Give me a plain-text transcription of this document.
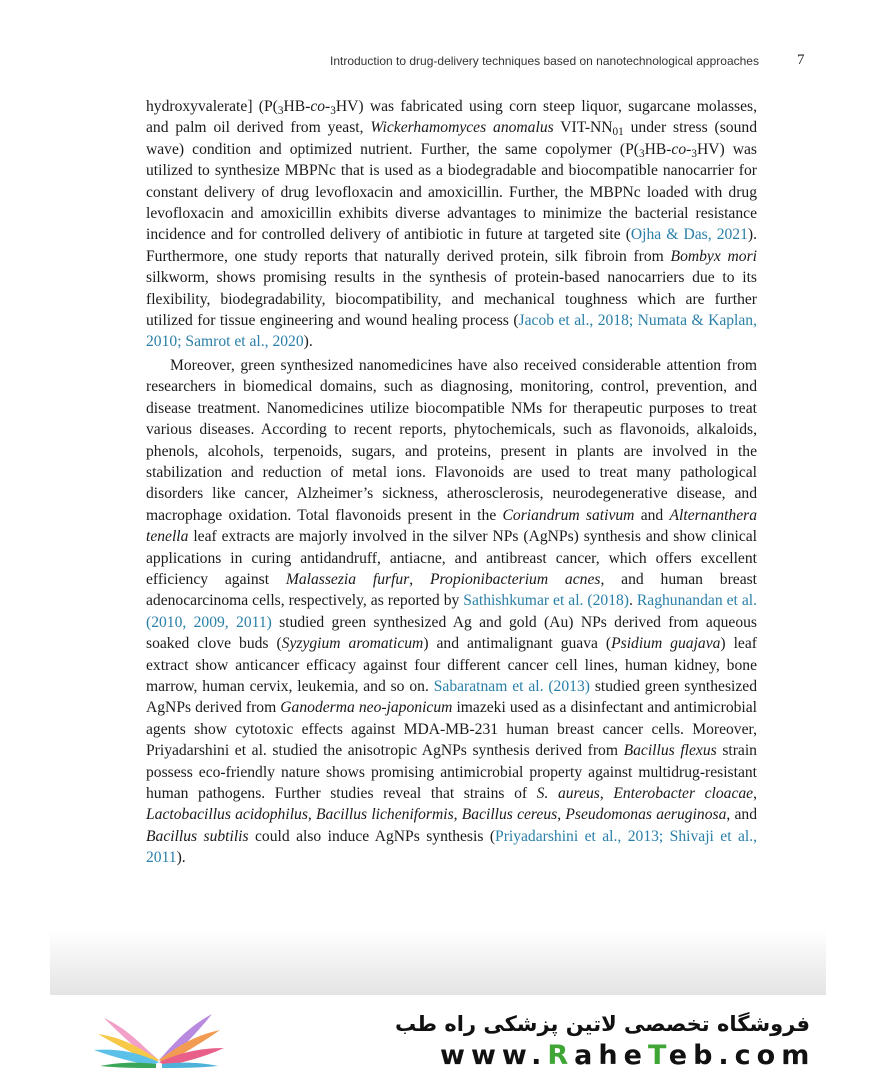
Introduction to drug-delivery techniques based on nanotechnological approaches	7

hydroxyvalerate] ($P(_3HB-co-_3HV)$ was fabricated using corn steep liquor, sugarcane molasses, and palm oil derived from yeast, Wickerhamomyces anomalus VIT-$NN_{01}$ under stress (sound wave) condition and optimized nutrient. Further, the same copolymer ($P(_3HB-co-_3HV)$ was utilized to synthesize MBPNc that is used as a biodegradable and biocompatible nanocarrier for constant delivery of drug levofloxacin and amoxicillin. Further, the MBPNc loaded with drug levofloxacin and amoxicillin exhibits diverse advantages to minimize the bacterial resistance incidence and for controlled delivery of antibiotic in future at targeted site (Ojha & Das, 2021). Furthermore, one study reports that naturally derived protein, silk fibroin from Bombyx mori silkworm, shows promising results in the synthesis of protein-based nanocarriers due to its flexibility, biodegradability, biocompatibility, and mechanical toughness which are further utilized for tissue engineering and wound healing process (Jacob et al., 2018; Numata & Kaplan, 2010; Samrot et al., 2020).

Moreover, green synthesized nanomedicines have also received considerable attention from researchers in biomedical domains, such as diagnosing, monitoring, control, prevention, and disease treatment. Nanomedicines utilize biocompatible NMs for therapeutic purposes to treat various diseases. According to recent reports, phytochemicals, such as flavonoids, alkaloids, phenols, alcohols, terpenoids, sugars, and proteins, present in plants are involved in the stabilization and reduction of metal ions. Flavonoids are used to treat many pathological disorders like cancer, Alzheimer’s sickness, atherosclerosis, neurodegenerative disease, and macrophage oxidation. Total flavonoids present in the Coriandrum sativum and Alternanthera tenella leaf extracts are majorly involved in the silver NPs (AgNPs) synthesis and show clinical applications in curing antidandruff, antiacne, and antibreast cancer, which offers excellent efficiency against Malassezia furfur, Propionibacterium acnes, and human breast adenocarcinoma cells, respectively, as reported by Sathishkumar et al. (2018). Raghunandan et al. (2010, 2009, 2011) studied green synthesized Ag and gold (Au) NPs derived from aqueous soaked clove buds (Syzygium aromaticum) and antimalignant guava (Psidium guajava) leaf extract show anticancer efficacy against four different cancer cell lines, human kidney, bone marrow, human cervix, leukemia, and so on. Sabaratnam et al. (2013) studied green synthesized AgNPs derived from Ganoderma neo-japonicum imazeki used as a disinfectant and antimicrobial agents show cytotoxic effects against MDA-MB-231 human breast cancer cells. Moreover, Priyadarshini et al. studied the anisotropic AgNPs synthesis derived from Bacillus flexus strain possess eco-friendly nature shows promising antimicrobial property against multidrug-resistant human pathogens. Further studies reveal that strains of S. aureus, Enterobacter cloacae, Lactobacillus acidophilus, Bacillus licheniformis, Bacillus cereus, Pseudomonas aeruginosa, and Bacillus subtilis could also induce AgNPs synthesis (Priyadarshini et al., 2013; Shivaji et al., 2011).

فروشگاه تخصصی لاتین پزشکی راه طب
www.RaheTeb.com
